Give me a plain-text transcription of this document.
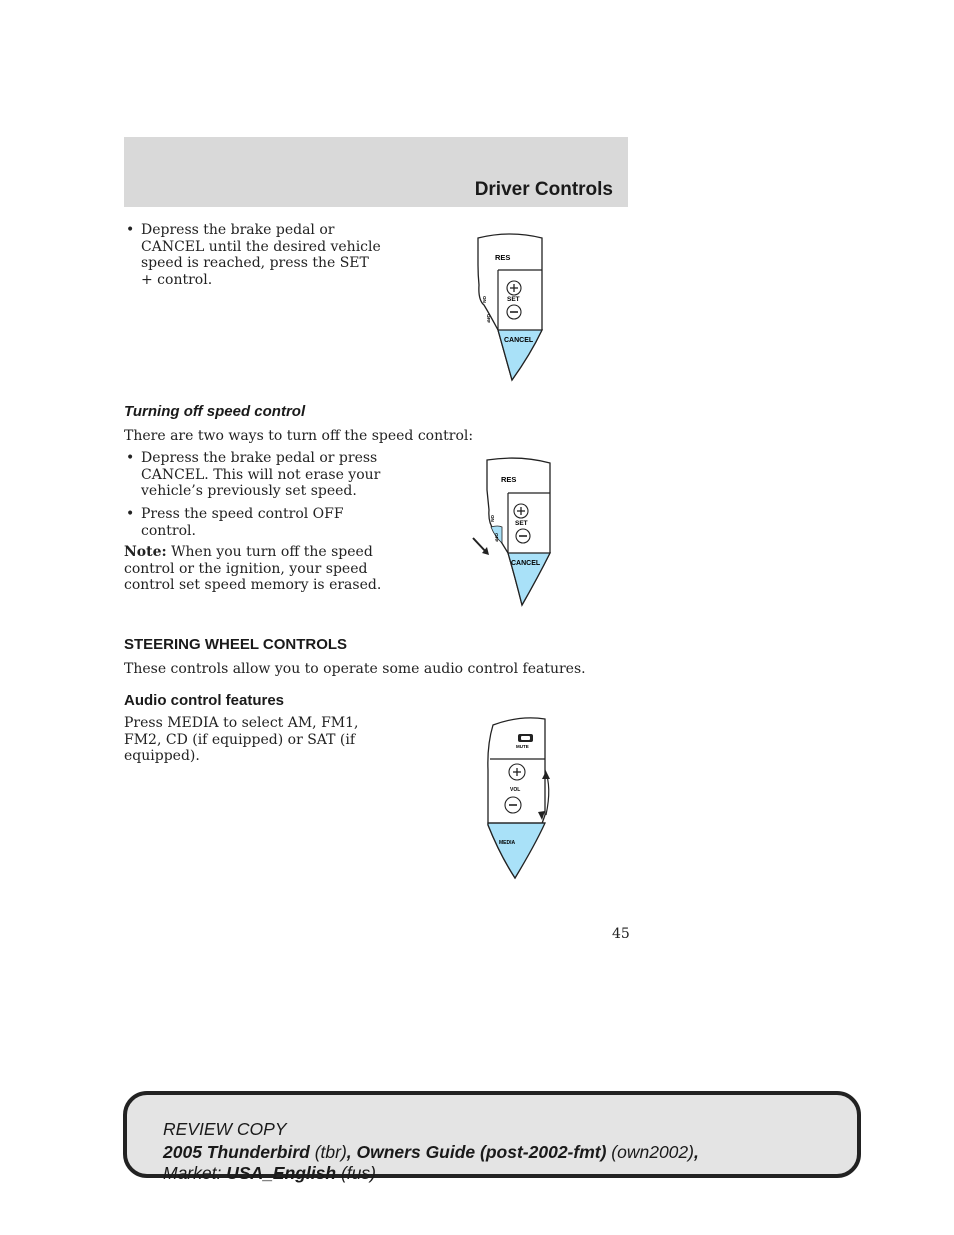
Driver Controls
• Depress the brake pedal or
CANCEL until the desired vehicle
speed is reached, press the SET
+ control.
RES
SET
CANCEL
ON
OFF
Turning off speed control
There are two ways to turn off the speed control:
• Depress the brake pedal or press
CANCEL. This will not erase your
vehicle’s previously set speed.
• Press the speed control OFF
control.
Note: When you turn off the speed
control or the ignition, your speed
control set speed memory is erased.
RES
SET
CANCEL
ON
OFF
STEERING WHEEL CONTROLS
These controls allow you to operate some audio control features.
Audio control features
Press MEDIA to select AM, FM1,
FM2, CD (if equipped) or SAT (if
equipped).
MUTE
VOL
MEDIA
45
REVIEW COPY
2005 Thunderbird (tbr), Owners Guide (post-2002-fmt) (own2002),
Market: USA_English (fus)
